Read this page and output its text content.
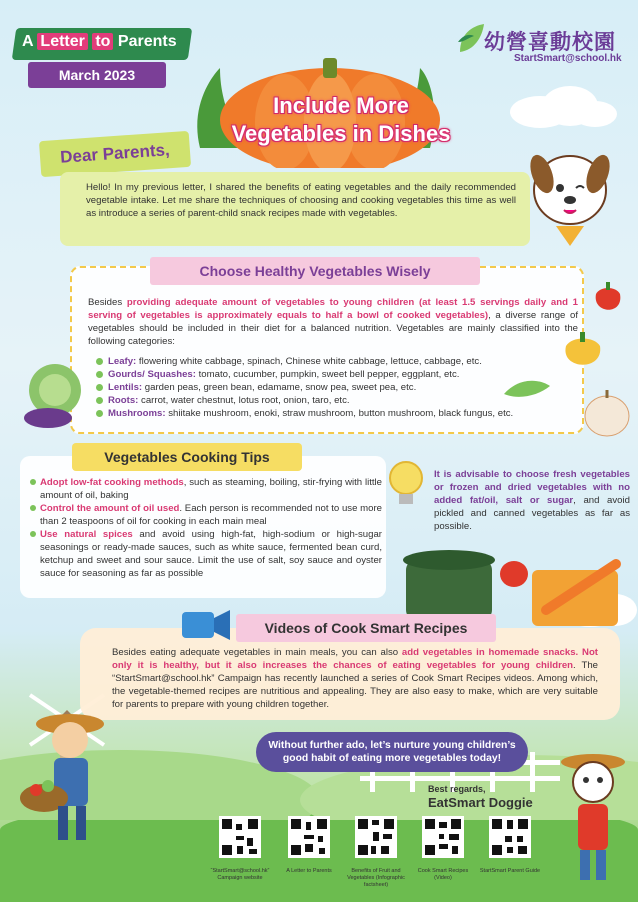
A Letter to Parents
March 2023
幼營喜動校園
StartSmart@school.hk
Dear Parents,
Include More
Vegetables in Dishes
Hello! In my previous letter, I shared the benefits of eating vegetables and the daily recommended vegetable intake. Let me share the techniques of choosing and cooking vegetables this time as well as introduce a series of parent-child snack recipes made with vegetables.
Choose Healthy Vegetables Wisely
Besides providing adequate amount of vegetables to young children (at least 1.5 servings daily and 1 serving of vegetables is approximately equals to half a bowl of cooked vegetables), a diverse range of vegetables should be included in their diet for a balanced nutrition. Vegetables are mainly classified into the following categories:
Leafy: flowering white cabbage, spinach, Chinese white cabbage, lettuce, cabbage, etc.
Gourds/ Squashes: tomato, cucumber, pumpkin, sweet bell pepper, eggplant, etc.
Lentils: garden peas, green bean, edamame, snow pea, sweet pea, etc.
Roots: carrot, water chestnut, lotus root, onion, taro, etc.
Mushrooms: shiitake mushroom, enoki, straw mushroom, button mushroom, black fungus, etc.
Vegetables Cooking Tips
Adopt low-fat cooking methods, such as steaming, boiling, stir-frying with little amount of oil, baking
Control the amount of oil used. Each person is recommended not to use more than 2 teaspoons of oil for cooking in each main meal
Use natural spices and avoid using high-fat, high-sodium or high-sugar seasonings or ready-made sauces, such as white sauce, fermented bean curd, ketchup and sweet and sour sauce. Limit the use of salt, soy sauce and oyster sauce for seasoning as far as possible
It is advisable to choose fresh vegetables or frozen and dried vegetables with no added fat/oil, salt or sugar, and avoid pickled and canned vegetables as far as possible.
Videos of Cook Smart Recipes
Besides eating adequate vegetables in main meals, you can also add vegetables in homemade snacks. Not only it is healthy, but it also increases the chances of eating vegetables for young children. The “StartSmart@school.hk” Campaign has recently launched a series of Cook Smart Recipes videos. Among which, the vegetable-themed recipes are nutritious and appealing. They are also easy to make, which are very suitable for parents to prepare with young children together.
Without further ado, let’s nurture young children’s
good habit of eating more vegetables today!
Best regards,
EatSmart Doggie
“StartSmart@school.hk” Campaign website
A Letter to Parents	Benefits of Fruit and Vegetables (Infographic factsheet)
Cook Smart Recipes (Video)
StartSmart Parent Guide
